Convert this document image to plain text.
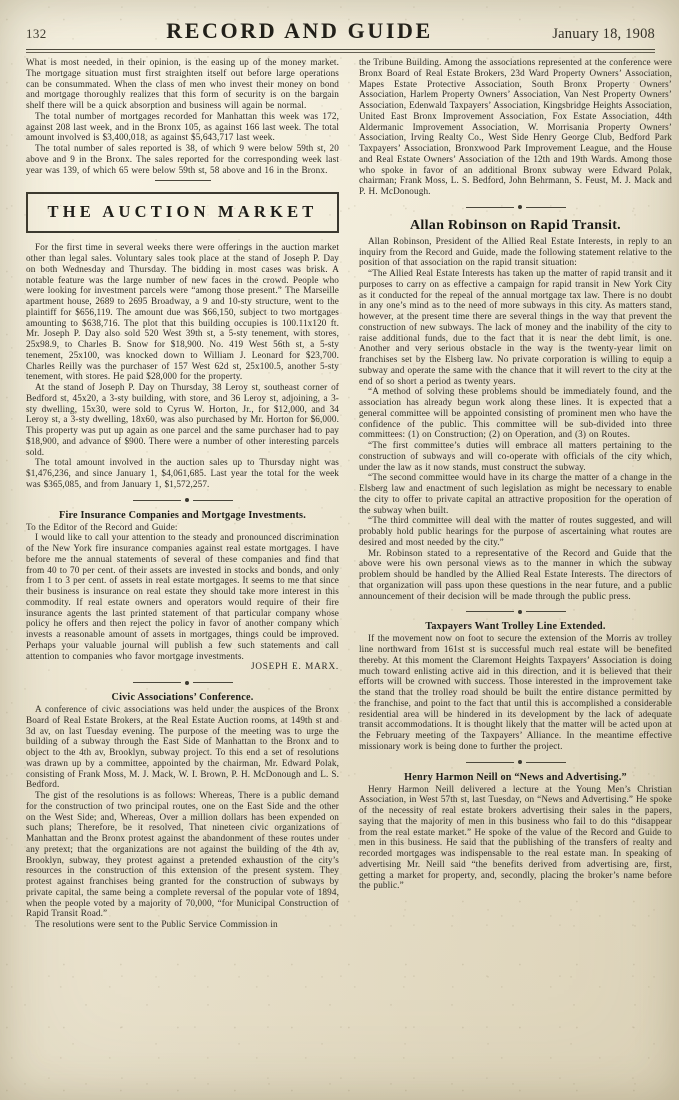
132	RECORD AND GUIDE	January 18, 1908

What is most needed, in their opinion, is the easing up of the money market. The mortgage situation must first straighten itself out before large operations can be consummated. When the class of men who invest their money on bond and mortgage thoroughly realizes that this form of security is on the bargain shelf there will be a quick absorption and business will again be normal.

The total number of mortgages recorded for Manhattan this week was 172, against 208 last week, and in the Bronx 105, as against 166 last week. The total amount involved is $3,400,018, as against $5,643,717 last week.

The total number of sales reported is 38, of which 9 were below 59th st, 20 above and 9 in the Bronx. The sales reported for the corresponding week last year was 139, of which 65 were below 59th st, 58 above and 16 in the Bronx.

THE AUCTION MARKET

For the first time in several weeks there were offerings in the auction market other than legal sales. Voluntary sales took place at the stand of Joseph P. Day on both Wednesday and Thursday. The bidding in most cases was brisk. A notable feature was the large number of new faces in the crowd. People who were looking for investment parcels were “among those present.” The Marseille apartment house, 2689 to 2695 Broadway, a 9 and 10-sty structure, went to the plaintiff for $656,119. The amount due was $66,150, subject to two mortgages amounting to $638,716. The plot that this building occupies is 100.11x120 ft. Mr. Joseph P. Day also sold 520 West 39th st, a 5-sty tenement, with stores, 25x98.9, to Charles B. Snow for $18,900. No. 419 West 56th st, a 5-sty tenement, 25x100, was knocked down to William J. Leonard for $23,700. Charles Reilly was the purchaser of 157 West 62d st, 25x100.5, another 5-sty tenement, with stores. He paid $28,000 for the property.

At the stand of Joseph P. Day on Thursday, 38 Leroy st, southeast corner of Bedford st, 45x20, a 3-sty building, with store, and 36 Leroy st, adjoining, a 3-sty dwelling, 15x30, were sold to Cyrus W. Horton, Jr., for $12,000, and 34 Leroy st, a 3-sty dwelling, 18x60, was also purchased by Mr. Horton for $6,000. This property was put up again as one parcel and the same purchaser had to pay $18,900, and advance of $900. There were a number of other interesting parcels sold.

The total amount involved in the auction sales up to Thursday night was $1,476,236, and since January 1, $4,061,685. Last year the total for the week was $365,085, and from January 1, $1,572,257.

Fire Insurance Companies and Mortgage Investments.

To the Editor of the Record and Guide:

I would like to call your attention to the steady and pronounced discrimination of the New York fire insurance companies against real estate mortgages. I have before me the annual statements of several of these companies and find that from 40 to 70 per cent. of their assets are invested in stocks and bonds, and only from 1 to 3 per cent. of assets in real estate mortgages. It seems to me that since their business is insurance on real estate they should take more interest in this commodity. If real estate owners and operators would require of their fire insurance agents the last printed statement of that particular company whose policy he offers and then reject the policy in favor of another company which invests a reasonable amount of assets in mortgages, things could be improved. Perhaps your valuable journal will publish a few such statements and call attention to companies who favor mortgage investments.

JOSEPH E. MARX.

Civic Associations’ Conference.

A conference of civic associations was held under the auspices of the Bronx Board of Real Estate Brokers, at the Real Estate Auction rooms, at 149th st and 3d av, on last Tuesday evening. The purpose of the meeting was to urge the building of a subway through the East Side of Manhattan to the Bronx and to object to the 4th av, Brooklyn, subway project. To this end a set of resolutions was drawn up by a committee, appointed by the chairman, Mr. Edward Polak, consisting of Frank Moss, M. J. Mack, W. I. Brown, P. H. McDonough and L. S. Bedford.

The gist of the resolutions is as follows: Whereas, There is a public demand for the construction of two principal routes, one on the East Side and the other on the West Side; and, Whereas, Over a million dollars has been expended on such plans; Therefore, be it resolved, That nineteen civic organizations of Manhattan and the Bronx protest against the abandonment of these routes under any pretext; that the organizations are not against the building of the 4th av, Brooklyn, subway, they protest against a pretended exhaustion of the city’s resources in the construction of this extension of the present system. They protest against franchises being granted for the construction of subways by private capital, the same being a complete reversal of the popular vote of 1894, when the people voted by a majority of 70,000, “for Municipal Construction of Rapid Transit Road.”

The resolutions were sent to the Public Service Commission in

the Tribune Building. Among the associations represented at the conference were Bronx Board of Real Estate Brokers, 23d Ward Property Owners’ Association, Mapes Estate Protective Association, South Bronx Property Owners’ Association, Harlem Property Owners’ Association, Van Nest Property Owners’ Association, Edenwald Taxpayers’ Association, Kingsbridge Heights Association, United East Bronx Improvement Association, Fox Estate Association, 44th Aldermanic Improvement Association, W. Morrisania Property Owners’ Association, Irving Realty Co., West Side Henry George Club, Bedford Park Taxpayers’ Association, Bronxwood Park Improvement League, and the House and Real Estate Owners’ Association of the 12th and 19th Wards. Among those who spoke in favor of an additional Bronx subway were Edward Polak, chairman; Frank Moss, L. S. Bedford, John Behrmann, S. Feust, M. J. Mack and P. H. McDonough.

Allan Robinson on Rapid Transit.

Allan Robinson, President of the Allied Real Estate Interests, in reply to an inquiry from the Record and Guide, made the following statement relative to the position of that association on the rapid transit situation:

“The Allied Real Estate Interests has taken up the matter of rapid transit and it purposes to carry on as effective a campaign for rapid transit in New York City as it conducted for the repeal of the annual mortgage tax law. There is no doubt in any one’s mind as to the need of more subways in this city. As matters stand, however, at the present time there are several things in the way that prevent the construction of new subways. The lack of money and the inability of the city to raise additional funds, due to the fact that it is near the debt limit, is one. Another and very serious obstacle in the way is the twenty-year limit on franchises set by the Elsberg law. No private corporation is willing to equip a subway and operate the same with the chance that it will revert to the city at the end of so short a period as twenty years.

“A method of solving these problems should be immediately found, and the association has already begun work along these lines. It is expected that a general committee will be appointed consisting of prominent men who have the confidence of the public. This committee will be sub-divided into three committees: (1) on Construction; (2) on Operation, and (3) on Routes.

“The first committee’s duties will embrace all matters pertaining to the construction of subways and will co-operate with officials of the city which, under the law as it now stands, must construct the subway.

“The second committee would have in its charge the matter of a change in the Elsberg law and enactment of such legislation as might be necessary to enable the city to offer to private capital an attractive proposition for the operation of the subway when built.

“The third committee will deal with the matter of routes suggested, and will probably hold public hearings for the purpose of ascertaining what routes are desired and most needed by the city.”

Mr. Robinson stated to a representative of the Record and Guide that the above were his own personal views as to the manner in which the subway problem should be handled by the Allied Real Estate Interests. The directors of that organization will pass upon these questions in the near future, and a public announcement of their decision will be made through the public press.

Taxpayers Want Trolley Line Extended.

If the movement now on foot to secure the extension of the Morris av trolley line northward from 161st st is successful much real estate will be benefited thereby. At this moment the Claremont Heights Taxpayers’ Association is doing much toward enlisting active aid in this direction, and it is believed that their efforts will be crowned with success. Those interested in the improvement take the stand that the trolley road should be built the entire distance permitted by the franchise, and point to the fact that until this is accomplished a considerable residential area will be hindered in its development by the lack of adequate transit accommodations. It is thought likely that the matter will be acted upon at the February meeting of the Taxpayers’ Alliance. In the meantime effective missionary work is being done to further the project.

Henry Harmon Neill on “News and Advertising.”

Henry Harmon Neill delivered a lecture at the Young Men’s Christian Association, in West 57th st, last Tuesday, on “News and Advertising.” He spoke of the necessity of real estate brokers advertising their sales in the papers, saying that the majority of men in this business who fail to do this “disappear from the real estate market.” He spoke of the value of the Record and Guide to men in this business. He said that the publishing of the transfers of realty and recorded mortgages was indispensable to the real estate man. In speaking of advertising Mr. Neill said “the benefits derived from advertising are, first, getting a market for property, and, secondly, placing the broker’s name before the public.”
